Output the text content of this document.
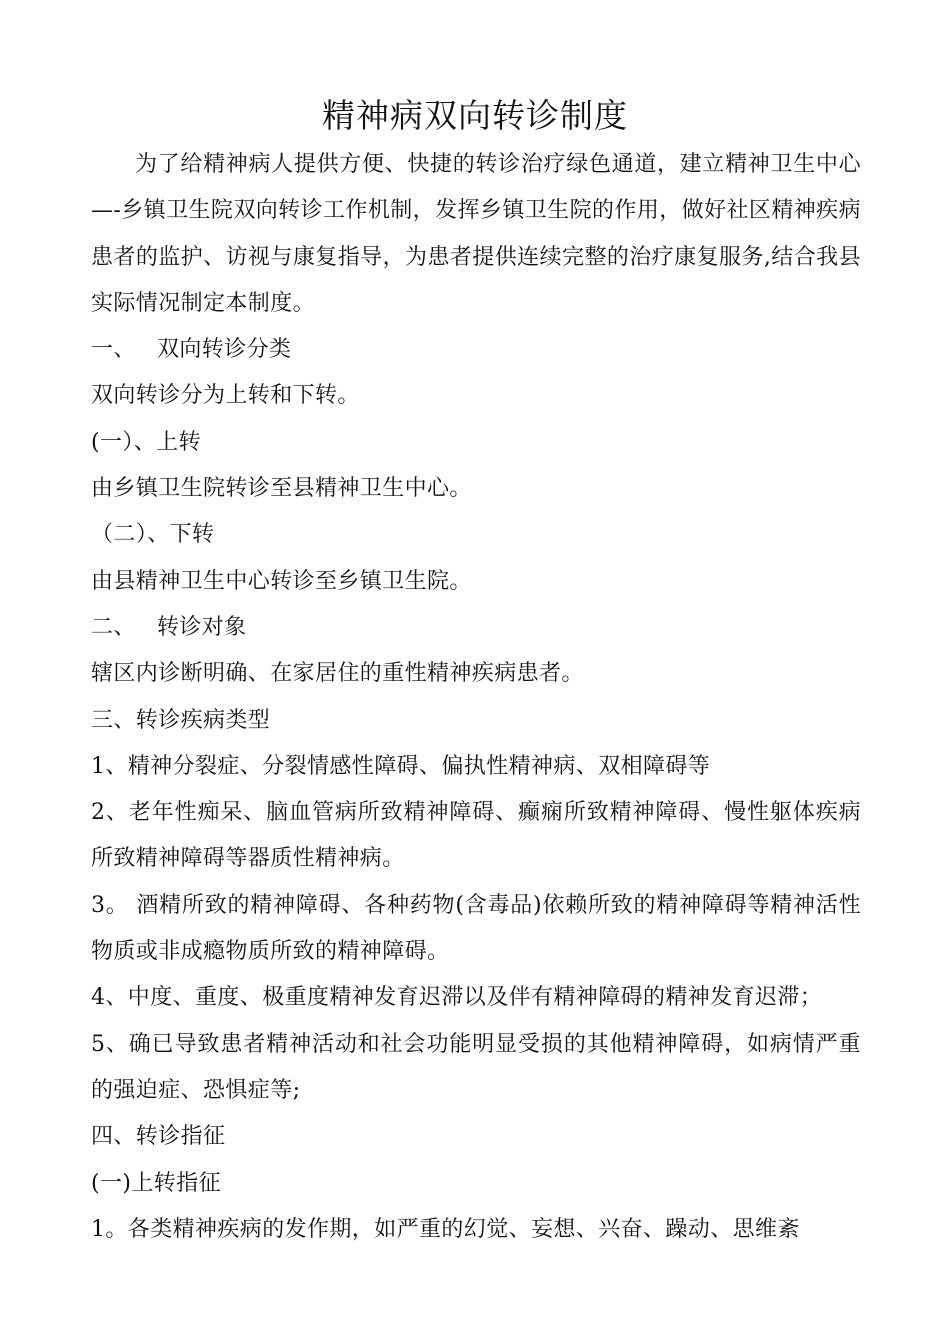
精神病双向转诊制度

为了给精神病人提供方便、快捷的转诊治疗绿色通道，建立精神卫生中心—-乡镇卫生院双向转诊工作机制，发挥乡镇卫生院的作用，做好社区精神疾病患者的监护、访视与康复指导，为患者提供连续完整的治疗康复服务,结合我县实际情况制定本制度。

一、 双向转诊分类

双向转诊分为上转和下转。

(一）、上转

由乡镇卫生院转诊至县精神卫生中心。

（二）、下转

由县精神卫生中心转诊至乡镇卫生院。

二、 转诊对象

辖区内诊断明确、在家居住的重性精神疾病患者。

三、转诊疾病类型

1、精神分裂症、分裂情感性障碍、偏执性精神病、双相障碍等

2、老年性痴呆、脑血管病所致精神障碍、癫痫所致精神障碍、慢性躯体疾病所致精神障碍等器质性精神病。

3。 酒精所致的精神障碍、各种药物(含毒品)依赖所致的精神障碍等精神活性物质或非成瘾物质所致的精神障碍。

4、中度、重度、极重度精神发育迟滞以及伴有精神障碍的精神发育迟滞；

5、确已导致患者精神活动和社会功能明显受损的其他精神障碍，如病情严重的强迫症、恐惧症等;

四、转诊指征

(一)上转指征

1。各类精神疾病的发作期，如严重的幻觉、妄想、兴奋、躁动、思维紊
